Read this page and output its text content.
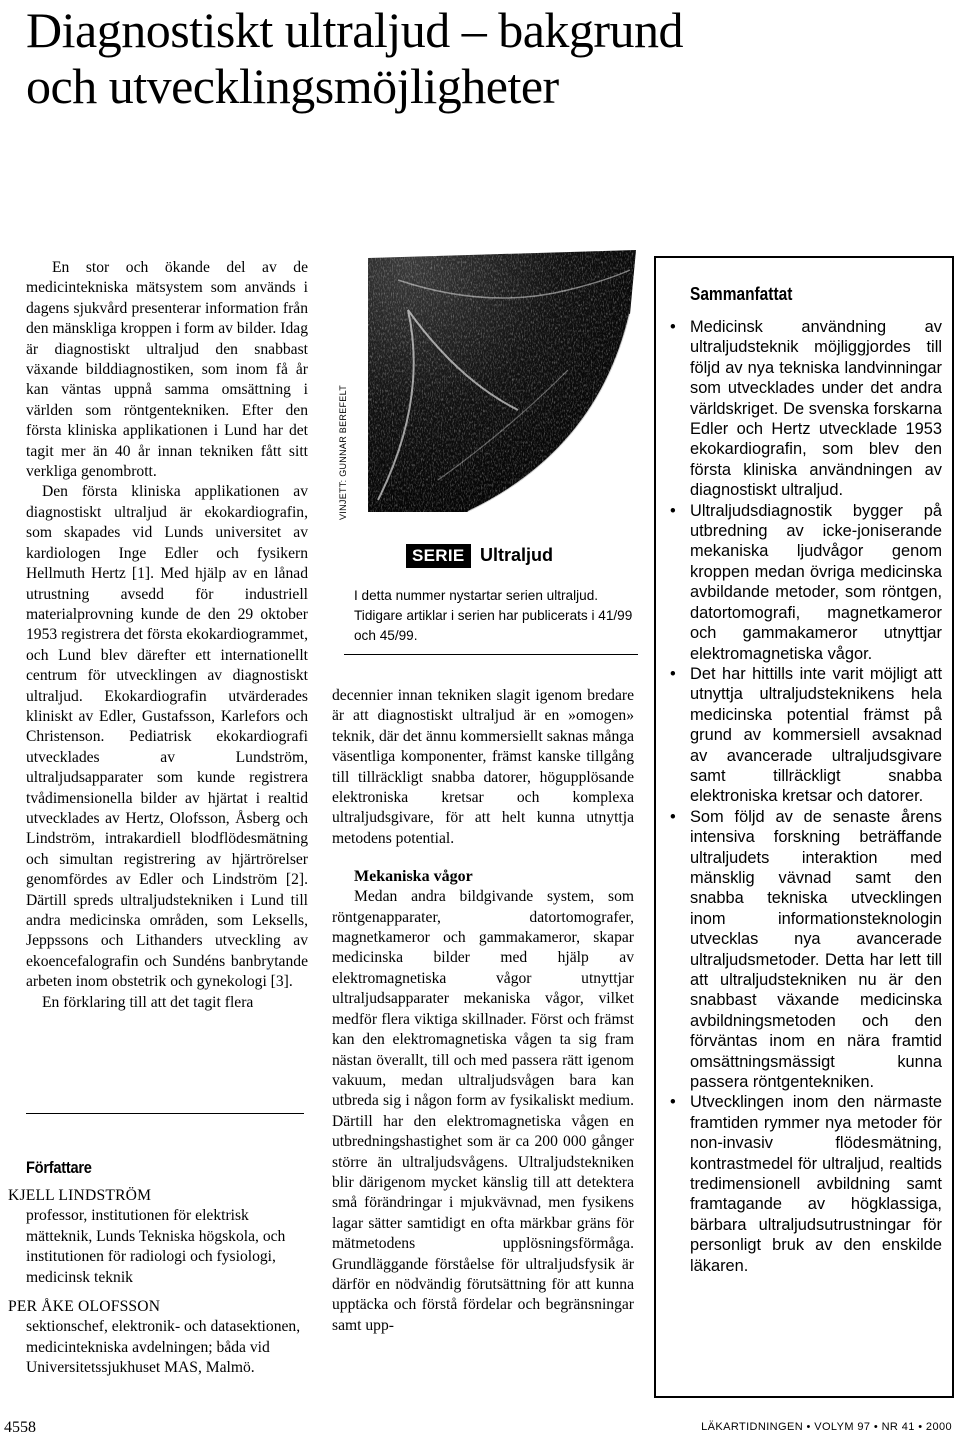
Diagnostiskt ultraljud – bakgrund
och utvecklingsmöjligheter

En stor och ökande del av de medicintekniska mätsystem som används i dagens sjukvård presenterar information från den mänskliga kroppen i form av bilder. Idag är diagnostiskt ultraljud den snabbast växande bilddiagnostiken, som inom få år kan väntas uppnå samma omsättning i världen som röntgentekniken. Efter den första kliniska applikationen i Lund har det tagit mer än 40 år innan tekniken fått sitt verkliga genombrott.

Den första kliniska applikationen av diagnostiskt ultraljud är ekokardiografin, som skapades vid Lunds universitet av kardiologen Inge Edler och fysikern Hellmuth Hertz [1]. Med hjälp av en lånad utrustning avsedd för industriell materialprovning kunde de den 29 oktober 1953 registrera det första ekokardiogrammet, och Lund blev därefter ett internationellt centrum för utvecklingen av diagnostiskt ultraljud. Ekokardiografin utvärderades kliniskt av Edler, Gustafsson, Karlefors och Christenson. Pediatrisk ekokardiografi utvecklades av Lundström, ultraljudsapparater som kunde registrera tvådimensionella bilder av hjärtat i realtid utvecklades av Hertz, Olofsson, Åsberg och Lindström, intrakardiell blodflödesmätning och simultan registrering av hjärtrörelser genomfördes av Edler och Lindström [2]. Därtill spreds ultraljudstekniken i Lund till andra medicinska områden, som Leksells, Jeppssons och Lithanders utveckling av ekoencefalografin och Sundéns banbrytande arbeten inom obstetrik och gynekologi [3].

En förklaring till att det tagit flera

Författare
KJELL LINDSTRÖM
professor, institutionen för elektrisk mätteknik, Lunds Tekniska högskola, och institutionen för radiologi och fysiologi, medicinsk teknik
PER ÅKE OLOFSSON
sektionschef, elektronik- och datasektionen, medicintekniska avdelningen; båda vid Universitetssjukhuset MAS, Malmö.
VINJETT: GUNNAR BEREFELT
SERIE Ultraljud
I detta nummer nystartar serien ultraljud. Tidigare artiklar i serien har publicerats i 41/99 och 45/99.

decennier innan tekniken slagit igenom bredare är att diagnostiskt ultraljud är en »omogen» teknik, där det ännu kommersiellt saknas många väsentliga komponenter, främst kanske tillgång till tillräckligt snabba datorer, högupplösande elektroniska kretsar och komplexa ultraljudsgivare, för att helt kunna utnyttja metodens potential.

Mekaniska vågor

Medan andra bildgivande system, som röntgenapparater, datortomografer, magnetkameror och gammakameror, skapar medicinska bilder med hjälp av elektromagnetiska vågor utnyttjar ultraljudsapparater mekaniska vågor, vilket medför flera viktiga skillnader. Först och främst kan den elektromagnetiska vågen ta sig fram nästan överallt, till och med passera rätt igenom vakuum, medan ultraljudsvågen bara kan utbreda sig i någon form av fysikaliskt medium. Därtill har den elektromagnetiska vågen en utbredningshastighet som är ca 200 000 gånger större än ultraljudsvågens. Ultraljudstekniken blir därigenom mycket känslig till att detektera små förändringar i mjukvävnad, men fysikens lagar sätter samtidigt en ofta märkbar gräns för mätmetodens upplösningsförmåga. Grundläggande förståelse för ultraljudsfysik är därför en nödvändig förutsättning för att kunna upptäcka och förstå fördelar och begränsningar samt upp-

Sammanfattat
• Medicinsk användning av ultraljudsteknik möjliggjordes till följd av nya tekniska landvinningar som utvecklades under det andra världskriget. De svenska forskarna Edler och Hertz utvecklade 1953 ekokardiografin, som blev den första kliniska användningen av diagnostiskt ultraljud.
• Ultraljudsdiagnostik bygger på utbredning av icke-joniserande mekaniska ljudvågor genom kroppen medan övriga medicinska avbildande metoder, som röntgen, datortomografi, magnetkameror och gammakameror utnyttjar elektromagnetiska vågor.
• Det har hittills inte varit möjligt att utnyttja ultraljudsteknikens hela medicinska potential främst på grund av kommersiell avsaknad av avancerade ultraljudsgivare samt tillräckligt snabba elektroniska kretsar och datorer.
• Som följd av de senaste årens intensiva forskning beträffande ultraljudets interaktion med mänsklig vävnad samt den snabba tekniska utvecklingen inom informationsteknologin utvecklas nya avancerade ultraljudsmetoder. Detta har lett till att ultraljudstekniken nu är den snabbast växande medicinska avbildningsmetoden och den förväntas inom en nära framtid omsättningsmässigt kunna passera röntgentekniken.
• Utvecklingen inom den närmaste framtiden rymmer nya metoder för non-invasiv flödesmätning, kontrastmedel för ultraljud, realtids tredimensionell avbildning samt framtagande av högklassiga, bärbara ultraljudsutrustningar för personligt bruk av den enskilde läkaren.
4558	LÄKARTIDNINGEN • VOLYM 97 • NR 41 • 2000
